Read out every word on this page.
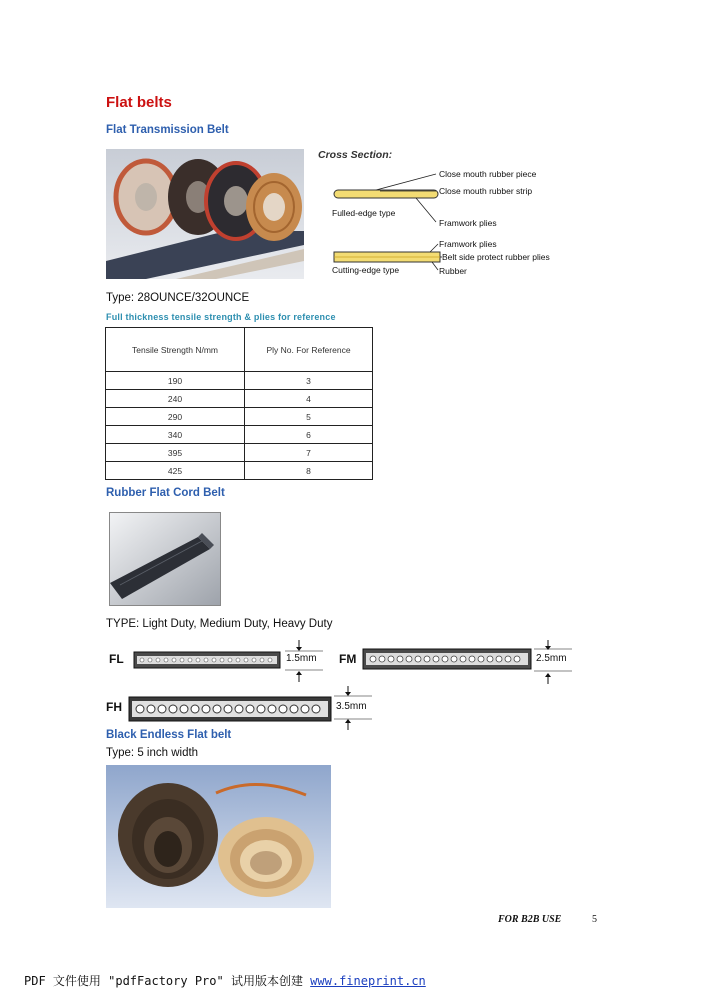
Flat belts
Flat Transmission Belt
Cross Section:
Fulled-edge type
Cutting-edge type
Close mouth rubber piece
Close mouth rubber strip
Framwork plies
Framwork plies
Belt side protect rubber plies
Rubber
Type: 28OUNCE/32OUNCE
Full thickness tensile strength & plies for reference
Tensile Strength N/mm	Ply No. For Reference
190	3
240	4
290	5
340	6
395	7
425	8
Rubber Flat Cord Belt
TYPE: Light Duty, Medium Duty, Heavy Duty
FL	1.5mm FM	2.5mm
FH	3.5mm
Black Endless Flat belt
Type: 5 inch width
FOR B2B USE	5
PDF 文件使用 "pdfFactory Pro" 试用版本创建 www.fineprint.cn
